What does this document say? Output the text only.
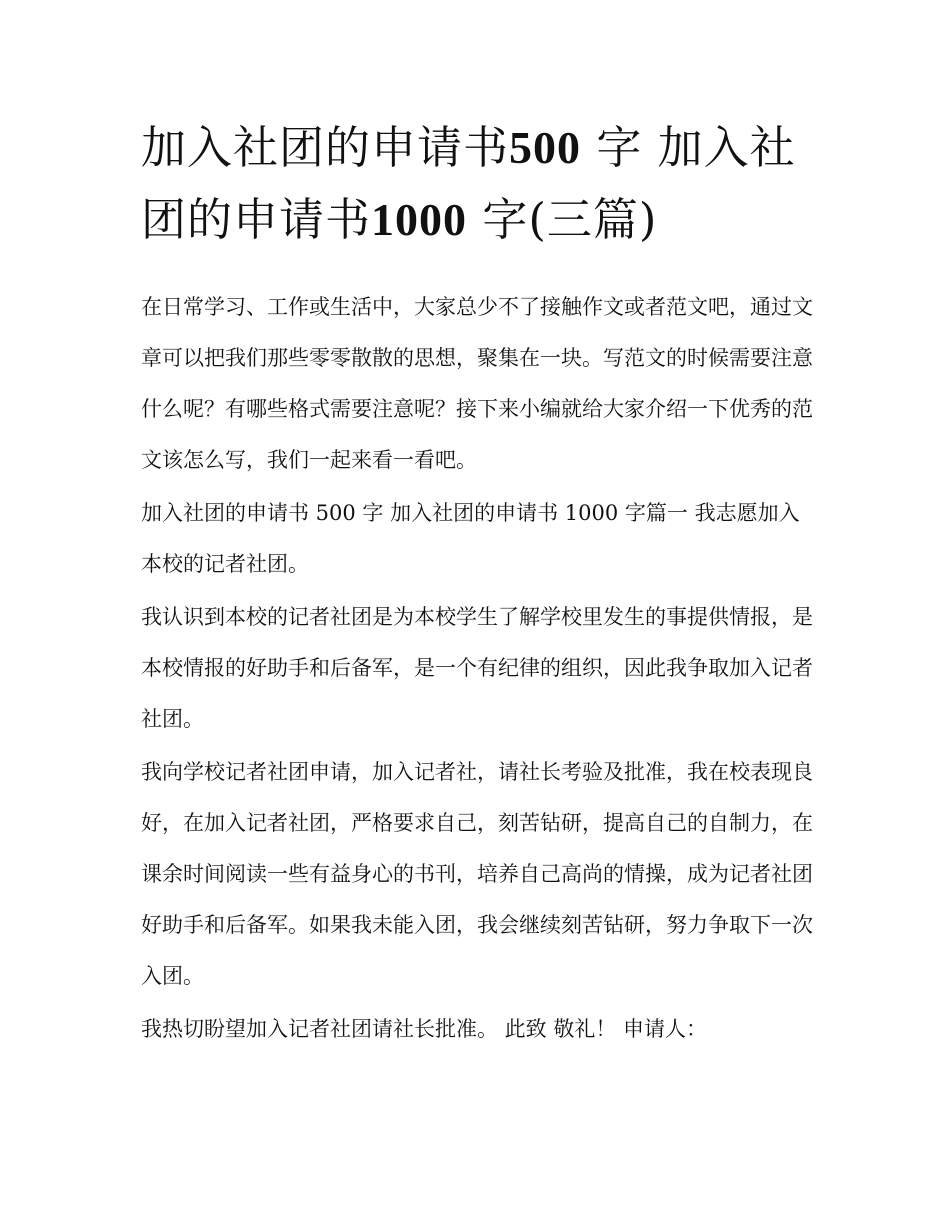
加入社团的申请书500 字 加入社团的申请书1000 字(三篇)

在日常学习、工作或生活中，大家总少不了接触作文或者范文吧，通过文章可以把我们那些零零散散的思想，聚集在一块。写范文的时候需要注意什么呢？有哪些格式需要注意呢？接下来小编就给大家介绍一下优秀的范文该怎么写，我们一起来看一看吧。

加入社团的申请书 500 字 加入社团的申请书 1000 字篇一 我志愿加入本校的记者社团。

我认识到本校的记者社团是为本校学生了解学校里发生的事提供情报，是本校情报的好助手和后备军，是一个有纪律的组织，因此我争取加入记者社团。

我向学校记者社团申请，加入记者社，请社长考验及批准，我在校表现良好，在加入记者社团，严格要求自己，刻苦钻研，提高自己的自制力，在课余时间阅读一些有益身心的书刊，培养自己高尚的情操，成为记者社团好助手和后备军。如果我未能入团，我会继续刻苦钻研，努力争取下一次入团。

我热切盼望加入记者社团请社长批准。 此致 敬礼！ 申请人：
